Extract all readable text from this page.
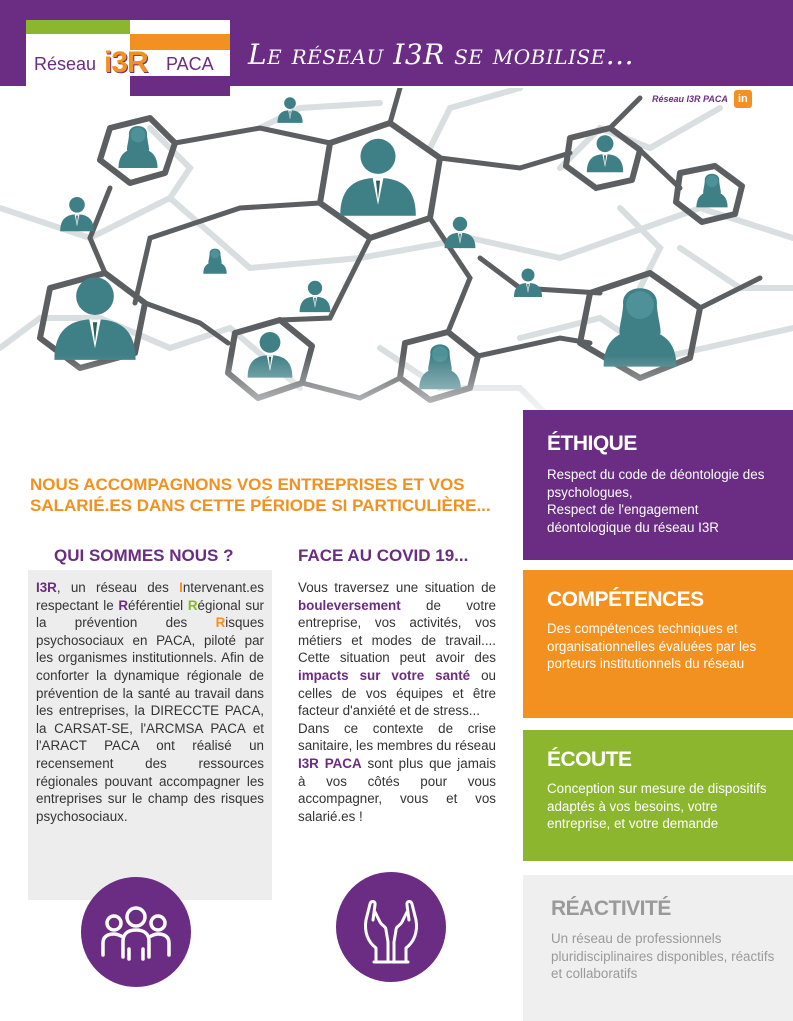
Réseau i3R PACA Le réseau I3R se mobilise...
NOUS ACCOMPAGNONS VOS ENTREPRISES ET VOS SALARIÉ.ES DANS CETTE PÉRIODE SI PARTICULIÈRE...
QUI SOMMES NOUS ?
I3R, un réseau des Intervenant.es respectant le Référentiel Régional sur la prévention des Risques psychosociaux en PACA, piloté par les organismes institutionnels. Afin de conforter la dynamique régionale de prévention de la santé au travail dans les entreprises, la DIRECCTE PACA, la CARSAT-SE, l'ARCMSA PACA et l'ARACT PACA ont réalisé un recensement des ressources régionales pouvant accompagner les entreprises sur le champ des risques psychosociaux.
FACE AU COVID 19...
Vous traversez une situation de bouleversement de votre entreprise, vos activités, vos métiers et modes de travail.... Cette situation peut avoir des impacts sur votre santé ou celles de vos équipes et être facteur d'anxiété et de stress...
Dans ce contexte de crise sanitaire, les membres du réseau I3R PACA sont plus que jamais à vos côtés pour vous accompagner, vous et vos salarié.es !
ÉTHIQUE
Respect du code de déontologie des psychologues,
Respect de l'engagement déontologique du réseau I3R
COMPÉTENCES
Des compétences techniques et organisationnelles évaluées par les porteurs institutionnels du réseau
ÉCOUTE
Conception sur mesure de dispositifs adaptés à vos besoins, votre entreprise, et votre demande
RÉACTIVITÉ
Un réseau de professionnels pluridisciplinaires disponibles, réactifs et collaboratifs
